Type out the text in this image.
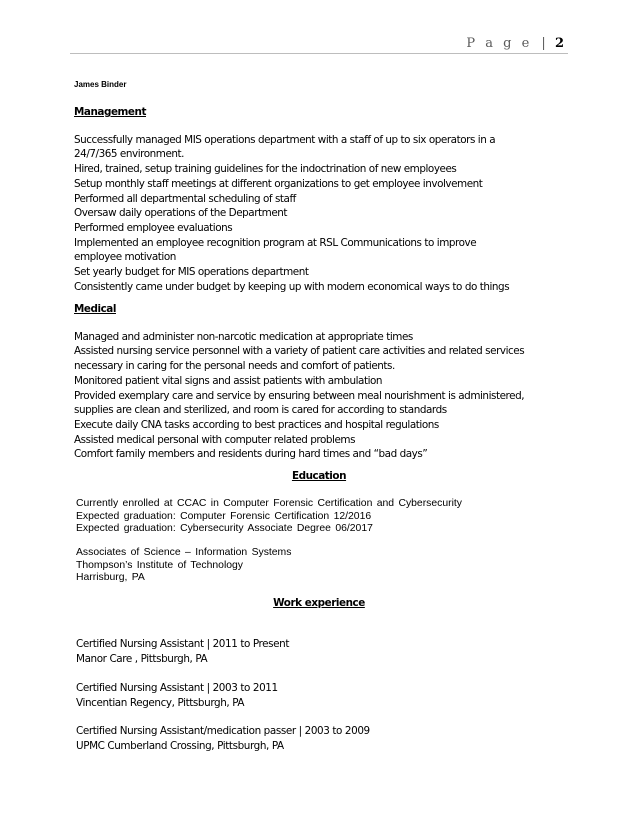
P a g e | 2
James Binder
Management
Successfully managed MIS operations department with a staff of up to six operators in a
24/7/365 environment.
Hired, trained, setup training guidelines for the indoctrination of new employees
Setup monthly staff meetings at different organizations to get employee involvement
Performed all departmental scheduling of staff
Oversaw daily operations of the Department
Performed employee evaluations
Implemented an employee recognition program at RSL Communications to improve
employee motivation
Set yearly budget for MIS operations department
Consistently came under budget by keeping up with modern economical ways to do things
Medical
Managed and administer non-narcotic medication at appropriate times
Assisted nursing service personnel with a variety of patient care activities and related services
necessary in caring for the personal needs and comfort of patients.
Monitored patient vital signs and assist patients with ambulation
Provided exemplary care and service by ensuring between meal nourishment is administered,
supplies are clean and sterilized, and room is cared for according to standards
Execute daily CNA tasks according to best practices and hospital regulations
Assisted medical personal with computer related problems
Comfort family members and residents during hard times and “bad days”
Education
Currently enrolled at CCAC in Computer Forensic Certification and Cybersecurity
Expected graduation: Computer Forensic Certification 12/2016
Expected graduation: Cybersecurity Associate Degree 06/2017
Associates of Science – Information Systems
Thompson’s Institute of Technology
Harrisburg, PA
Work experience
Certified Nursing Assistant | 2011 to Present
Manor Care , Pittsburgh, PA
Certified Nursing Assistant | 2003 to 2011
Vincentian Regency, Pittsburgh, PA
Certified Nursing Assistant/medication passer | 2003 to 2009
UPMC Cumberland Crossing, Pittsburgh, PA
